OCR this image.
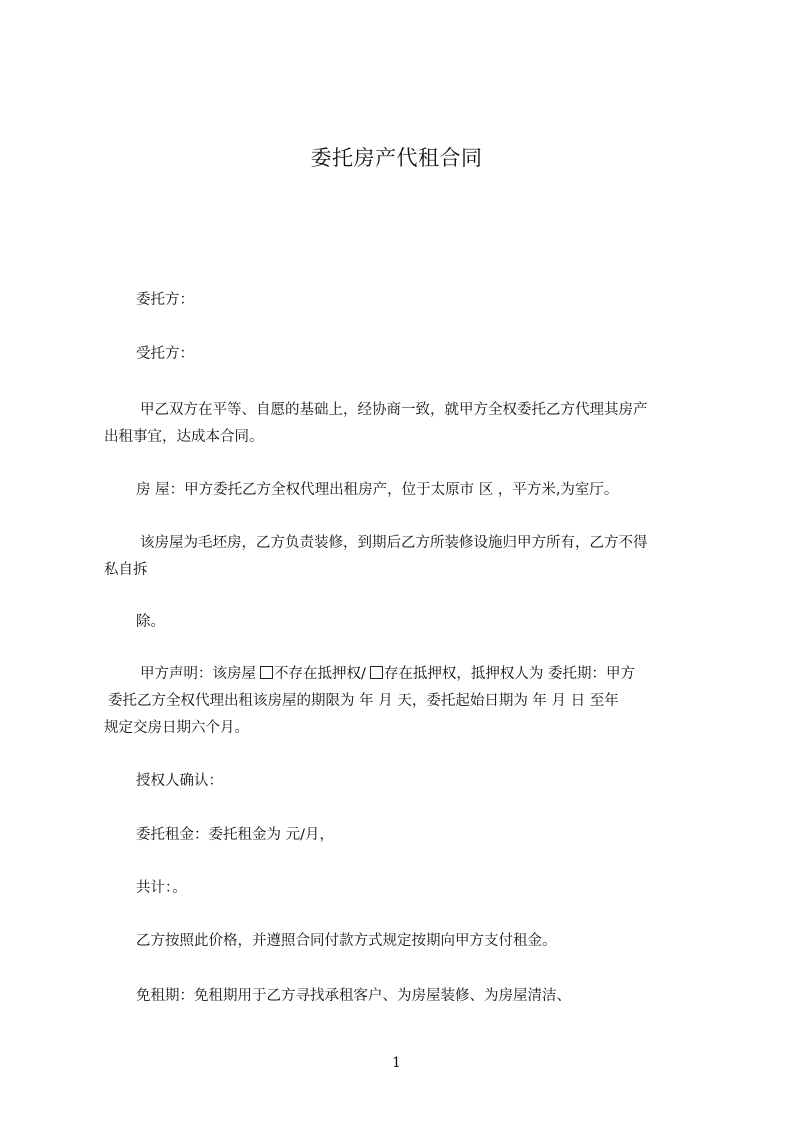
委托房产代租合同
委托方：
受托方：
甲乙双方在平等、自愿的基础上，经协商一致，就甲方全权委托乙方代理其房产
出租事宜，达成本合同。
房 屋：甲方委托乙方全权代理出租房产，位于太原市 区 ，平方米,为室厅。
该房屋为毛坯房，乙方负责装修，到期后乙方所装修设施归甲方所有，乙方不得
私自拆
除。
甲方声明：该房屋 不存在抵押权/ 存在抵押权，抵押权人为 委托期：甲方
委托乙方全权代理出租该房屋的期限为 年 月 天，委托起始日期为 年 月 日 至年
规定交房日期六个月。
授权人确认：
委托租金：委托租金为 元/月，
共计：。
乙方按照此价格，并遵照合同付款方式规定按期向甲方支付租金。
免租期：免租期用于乙方寻找承租客户、为房屋装修、为房屋清洁、
1
